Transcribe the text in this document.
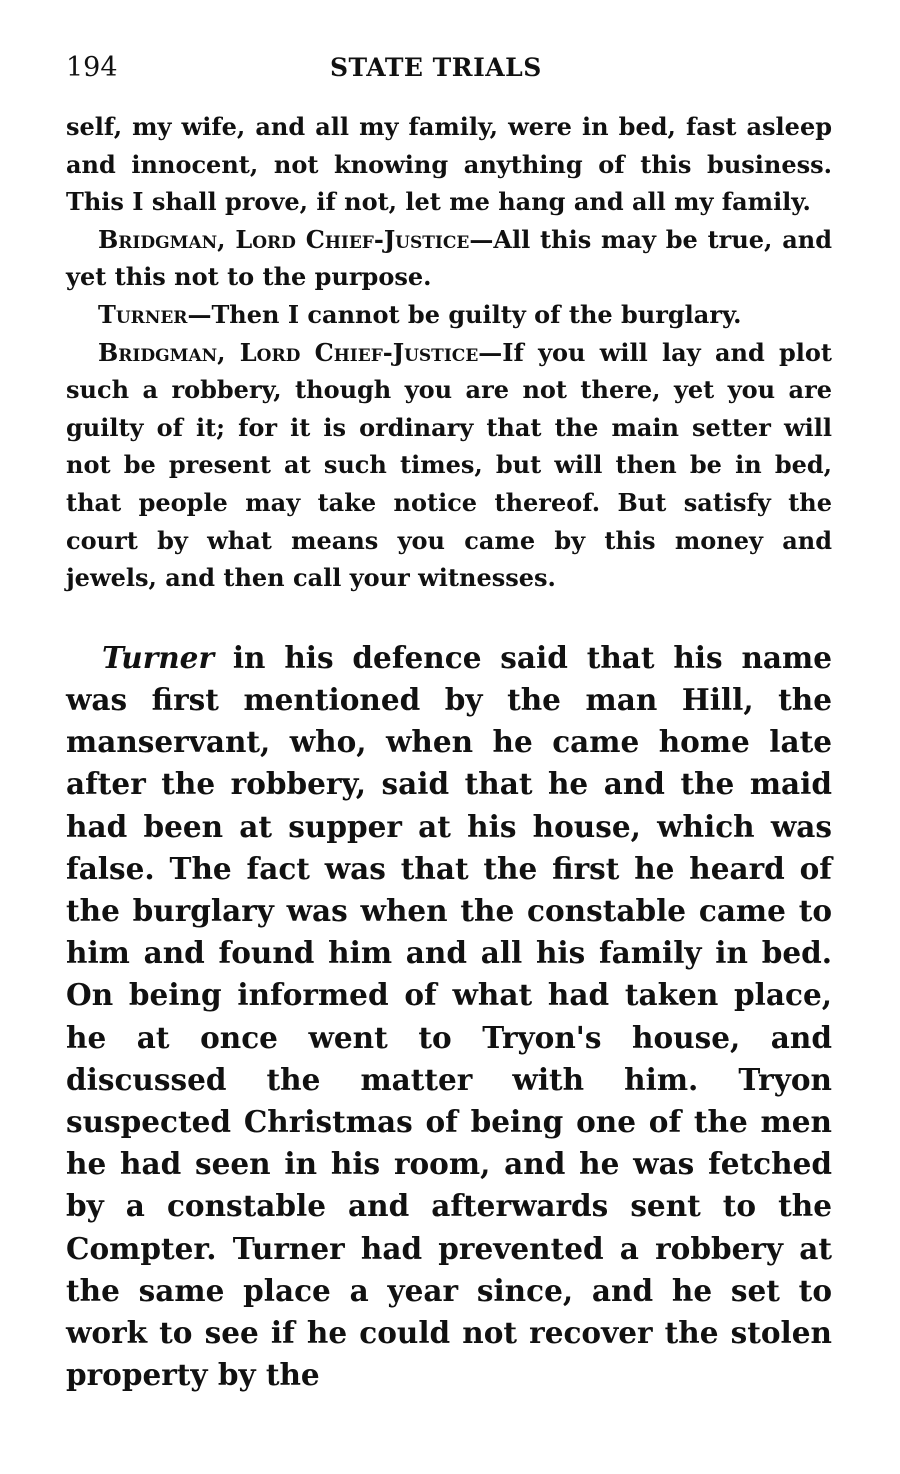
194	STATE TRIALS

self, my wife, and all my family, were in bed, fast asleep and innocent, not knowing anything of this business. This I shall prove, if not, let me hang and all my family.

Bridgman, Lord Chief-Justice—All this may be true, and yet this not to the purpose.

Turner—Then I cannot be guilty of the burglary.

Bridgman, Lord Chief-Justice—If you will lay and plot such a robbery, though you are not there, yet you are guilty of it; for it is ordinary that the main setter will not be present at such times, but will then be in bed, that people may take notice thereof. But satisfy the court by what means you came by this money and jewels, and then call your witnesses.

Turner in his defence said that his name was first mentioned by the man Hill, the manservant, who, when he came home late after the robbery, said that he and the maid had been at supper at his house, which was false. The fact was that the first he heard of the burglary was when the constable came to him and found him and all his family in bed. On being informed of what had taken place, he at once went to Tryon's house, and discussed the matter with him. Tryon suspected Christmas of being one of the men he had seen in his room, and he was fetched by a constable and afterwards sent to the Compter. Turner had prevented a robbery at the same place a year since, and he set to work to see if he could not recover the stolen property by the
